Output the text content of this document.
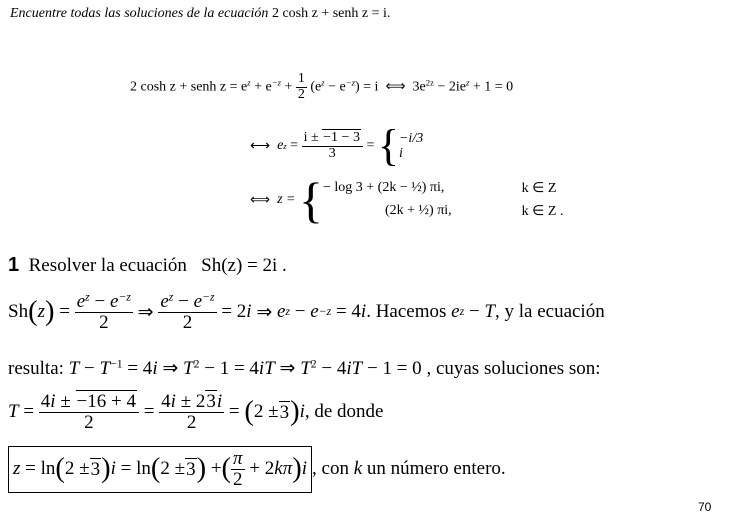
Encuentre todas las soluciones de la ecuación 2 cosh z + senh z = i.
2 cosh z + senh $z = e^z + e^{-z} + \frac{1}{2} (e^z - e^{-z}) = i$ ⟺ $3e^{2z} - 2ie^z + 1 = 0$
⟷
e $z = \frac{i \pm -1 - 3}{3}$ = { −i/3
i
⟺
z =
{ − log 3 + (2k − ½) πi,	k ∈ Z
(2k + ½) πi,	k ∈ Z .
1 Resolver la ecuación Sh(z) = 2i .
Sh ( z ) = $\frac{e^z - e^{-z}}{2}$ ⇒ $\frac{e^z - e^{-z}}{2} = 2$ i ⇒ e z − e −z = 4 i . Hacemos
e z − T , y la ecuación
resulta: $T - T^{-1} = 4i$ ⇒ $T^2 - 1 = 4iT$ ⇒ $T^2 - 4iT - 1 = 0$ , cuyas soluciones son:
$T = \frac{4i \pm -16 + 4}{2} = \frac{4i \pm 23i}{2}$ = ( 2 ± 3 ) i , de donde
z = ln ( 2 ± 3 ) i = ln ( 2 ± 3 ) + ( $\frac{\pi}{2} + 2$ kπ ) i , con
k
un número entero.
70
